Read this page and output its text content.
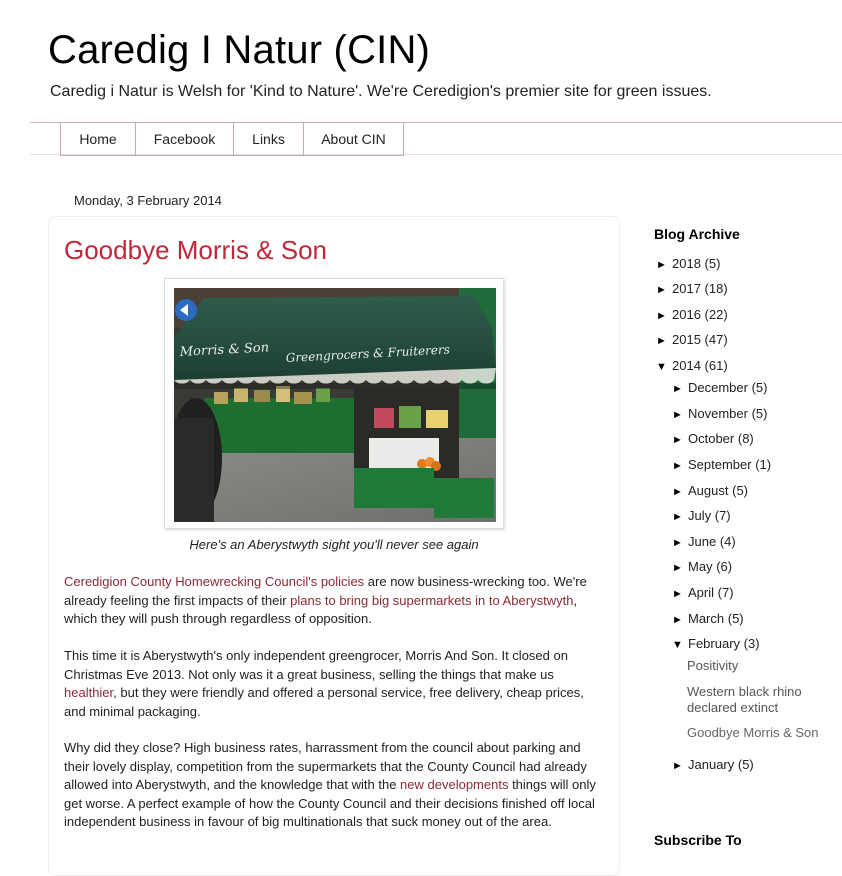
Caredig I Natur (CIN)

Caredig i Natur is Welsh for 'Kind to Nature'. We're Ceredigion's premier site for green issues.

Home	Facebook	Links	About CIN
Monday, 3 February 2014
Goodbye Morris & Son
Morris & Son Greengrocers & Fruiterers
Here's an Aberystwyth sight you'll never see again

Ceredigion County Homewrecking Council's policies are now business-wrecking too. We're already feeling the first impacts of their plans to bring big supermarkets in to Aberystwyth, which they will push through regardless of opposition.

This time it is Aberystwyth's only independent greengrocer, Morris And Son. It closed on Christmas Eve 2013. Not only was it a great business, selling the things that make us healthier, but they were friendly and offered a personal service, free delivery, cheap prices, and minimal packaging.

Why did they close? High business rates, harrassment from the council about parking and their lovely display, competition from the supermarkets that the County Council had already allowed into Aberystwyth, and the knowledge that with the new developments things will only get worse. A perfect example of how the County Council and their decisions finished off local independent business in favour of big multinationals that suck money out of the area.

Blog Archive
► 2018 (5)
► 2017 (18)
► 2016 (22)
► 2015 (47)
▼ 2014 (61)
► December (5)
► November (5)
► October (8)
► September (1)
► August (5)
► July (7)
► June (4)
► May (6)
► April (7)
► March (5)
▼ February (3)
Positivity
Western black rhino declared extinct
Goodbye Morris & Son
► January (5)
Subscribe To
